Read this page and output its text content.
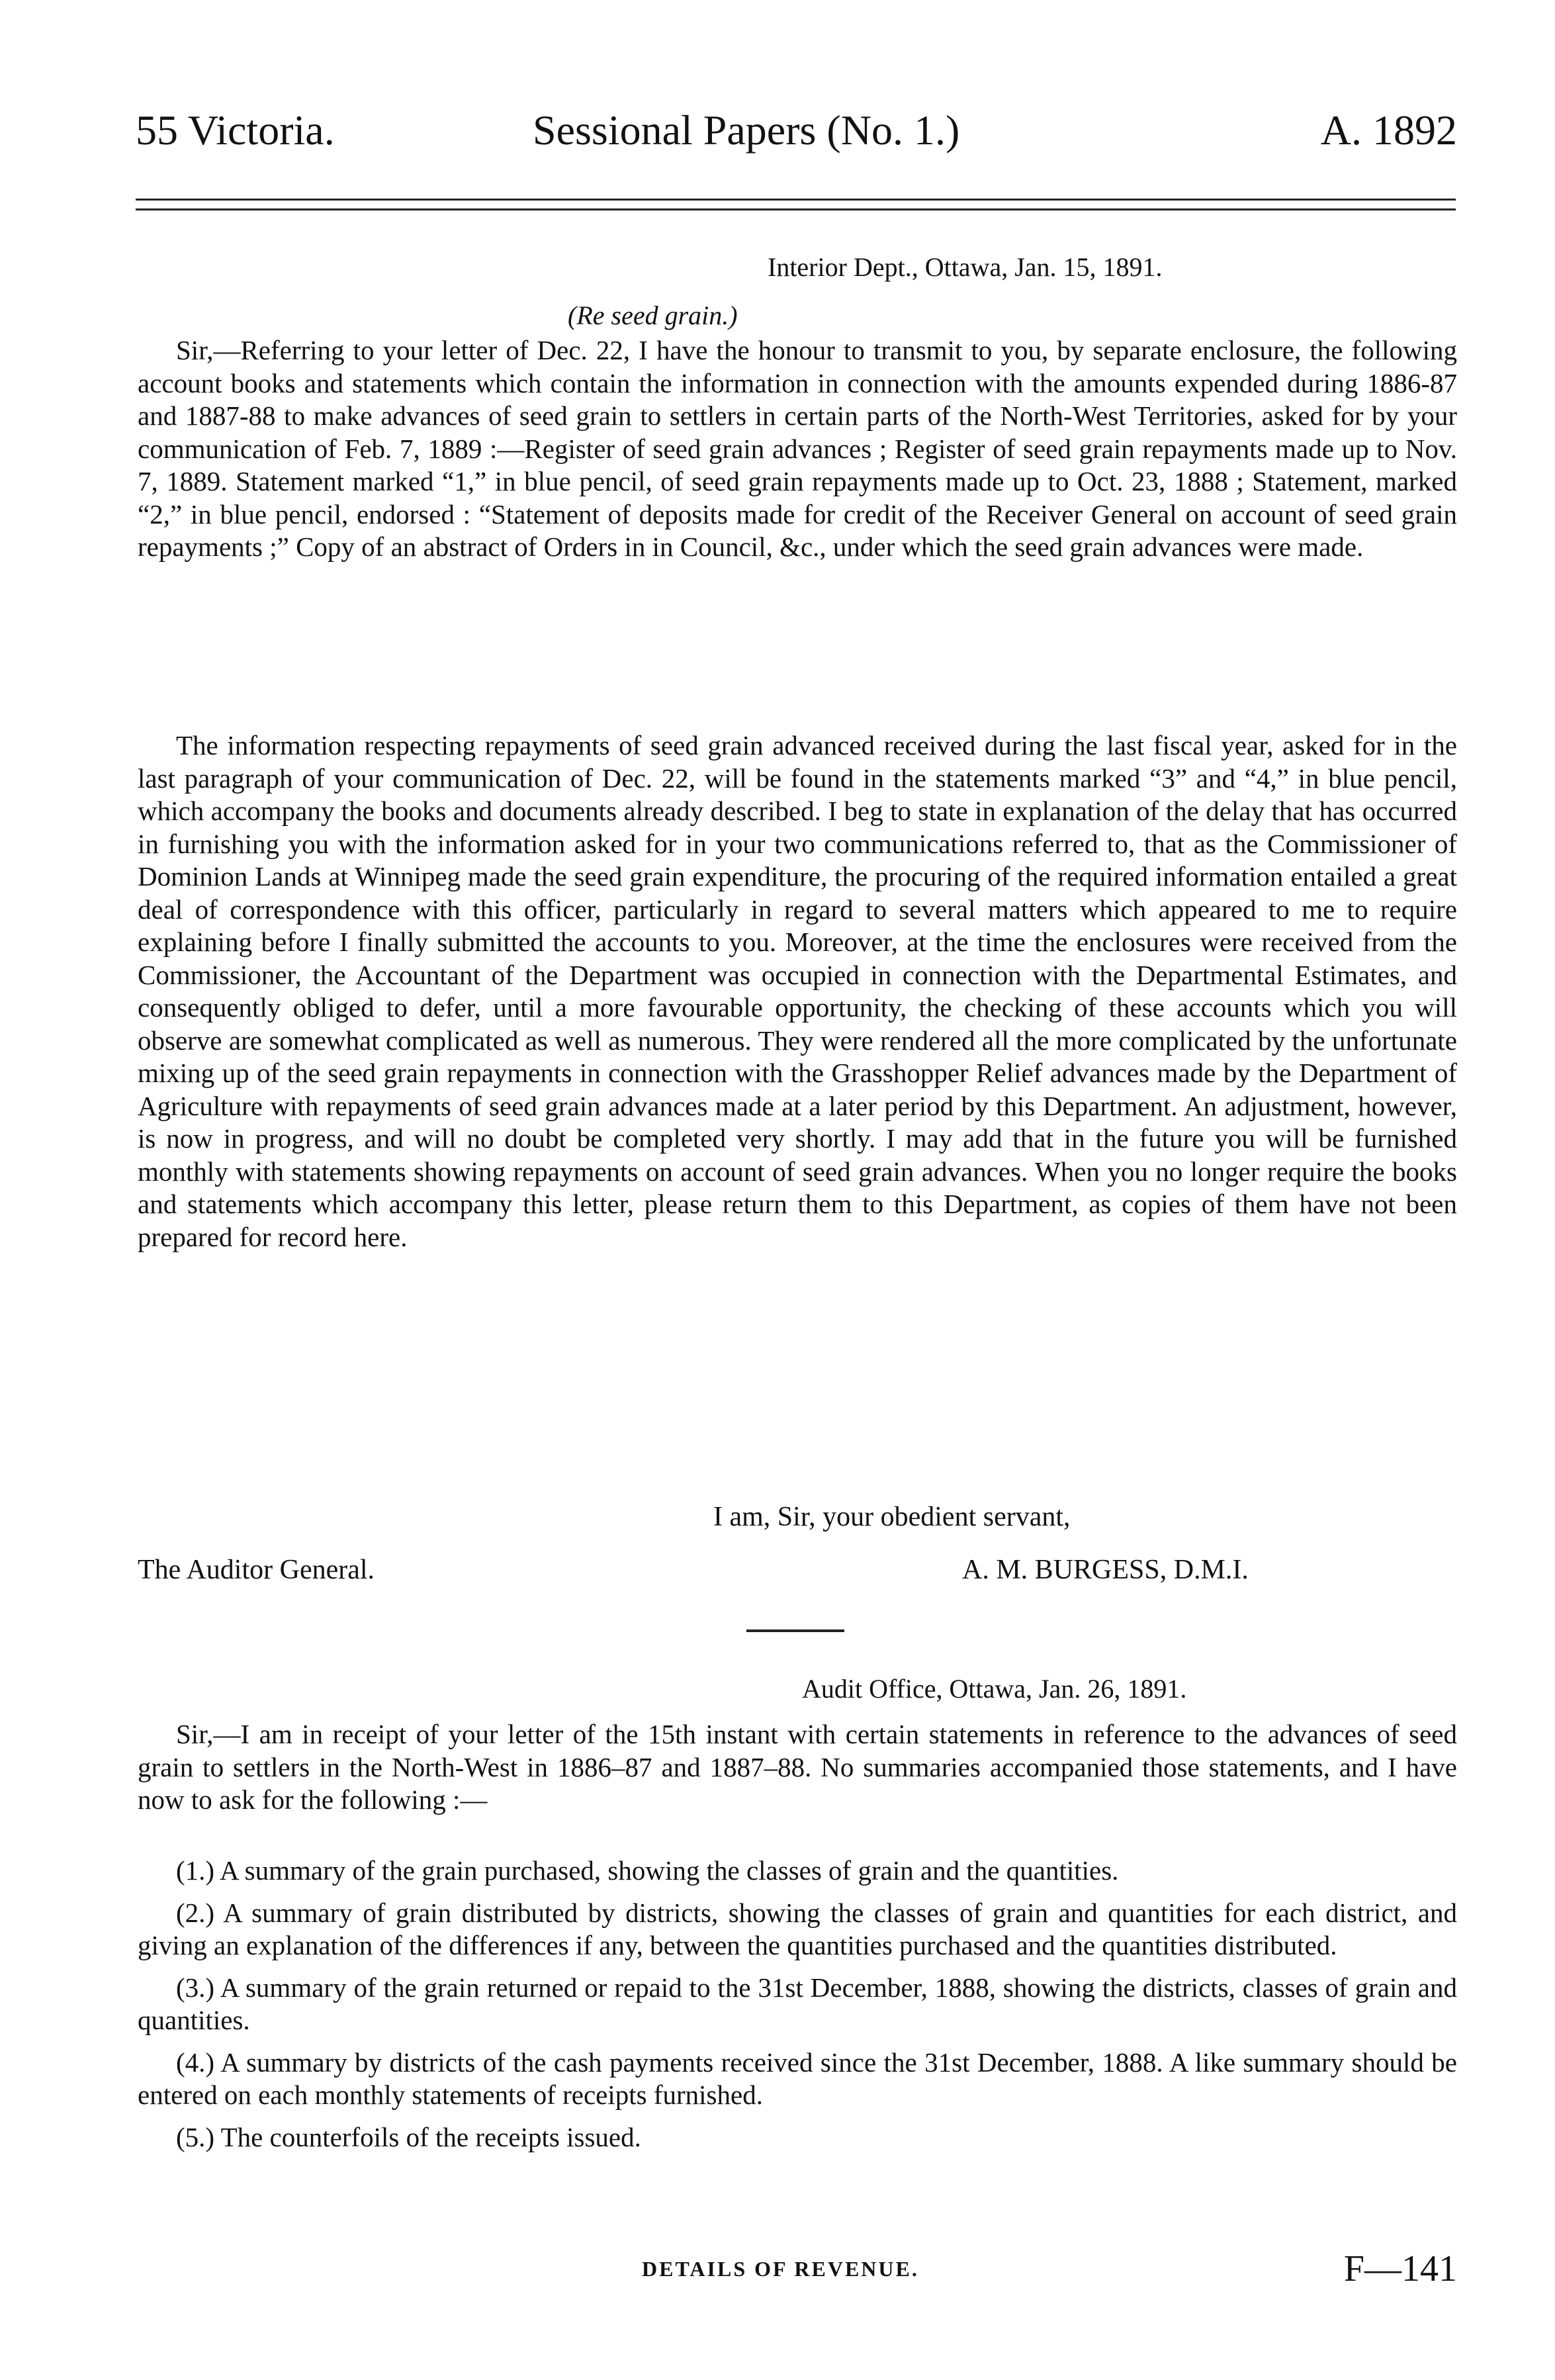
55 Victoria.	Sessional Papers (No. 1.)	A. 1892
Interior Dept., Ottawa, Jan. 15, 1891.
(Re seed grain.)

Sir,—Referring to your letter of Dec. 22, I have the honour to transmit to you, by separate enclosure, the following account books and statements which contain the information in connection with the amounts expended during 1886-87 and 1887-88 to make advances of seed grain to settlers in certain parts of the North-West Territories, asked for by your communication of Feb. 7, 1889 :—Register of seed grain advances ; Register of seed grain repayments made up to Nov. 7, 1889. Statement marked “1,” in blue pencil, of seed grain repayments made up to Oct. 23, 1888 ; Statement, marked “2,” in blue pencil, endorsed : “Statement of deposits made for credit of the Receiver General on account of seed grain repayments ;” Copy of an abstract of Orders in in Council, &c., under which the seed grain advances were made.

The information respecting repayments of seed grain advanced received during the last fiscal year, asked for in the last paragraph of your communication of Dec. 22, will be found in the statements marked “3” and “4,” in blue pencil, which accompany the books and documents already described. I beg to state in explanation of the delay that has occurred in furnishing you with the information asked for in your two communications referred to, that as the Commissioner of Dominion Lands at Winnipeg made the seed grain expenditure, the procuring of the required information entailed a great deal of correspondence with this officer, particularly in regard to several matters which appeared to me to require explaining before I finally submitted the accounts to you. Moreover, at the time the enclosures were received from the Commissioner, the Accountant of the Department was occupied in connection with the Departmental Estimates, and consequently obliged to defer, until a more favourable opportunity, the checking of these accounts which you will observe are somewhat complicated as well as numerous. They were rendered all the more complicated by the unfortunate mixing up of the seed grain repayments in connection with the Grasshopper Relief advances made by the Department of Agriculture with repayments of seed grain advances made at a later period by this Department. An adjustment, however, is now in progress, and will no doubt be completed very shortly. I may add that in the future you will be furnished monthly with statements showing repayments on account of seed grain advances. When you no longer require the books and statements which accompany this letter, please return them to this Department, as copies of them have not been prepared for record here.

I am, Sir, your obedient servant,
The Auditor General.	A. M. BURGESS, D.M.I.
Audit Office, Ottawa, Jan. 26, 1891.

Sir,—I am in receipt of your letter of the 15th instant with certain statements in reference to the advances of seed grain to settlers in the North-West in 1886–87 and 1887–88. No summaries accompanied those statements, and I have now to ask for the following :—

(1.) A summary of the grain purchased, showing the classes of grain and the quantities.

(2.) A summary of grain distributed by districts, showing the classes of grain and quantities for each district, and giving an explanation of the differences if any, between the quantities purchased and the quantities distributed.

(3.) A summary of the grain returned or repaid to the 31st December, 1888, showing the districts, classes of grain and quantities.

(4.) A summary by districts of the cash payments received since the 31st December, 1888. A like summary should be entered on each monthly statements of receipts furnished.

(5.) The counterfoils of the receipts issued.

DETAILS OF REVENUE.	F—141
